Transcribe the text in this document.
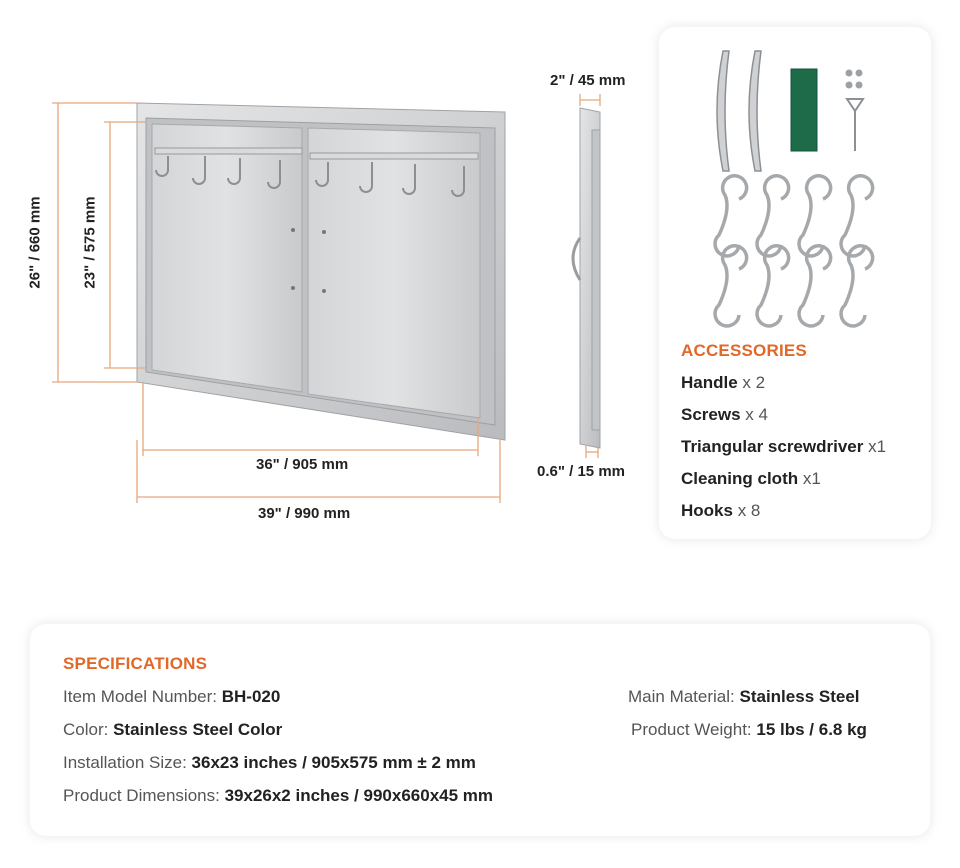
26" / 660 mm	23" / 575 mm
36" / 905 mm
39" / 990 mm
2" / 45 mm
0.6" / 15 mm
ACCESSORIES
Handle x 2
Screws x 4
Triangular screwdriver x1
Cleaning cloth x1
Hooks x 8
SPECIFICATIONS
Item Model Number: BH-020
Color: Stainless Steel Color
Installation Size: 36x23 inches / 905x575 mm ± 2 mm
Product Dimensions: 39x26x2 inches / 990x660x45 mm
Main Material: Stainless Steel
Product Weight: 15 lbs / 6.8 kg
